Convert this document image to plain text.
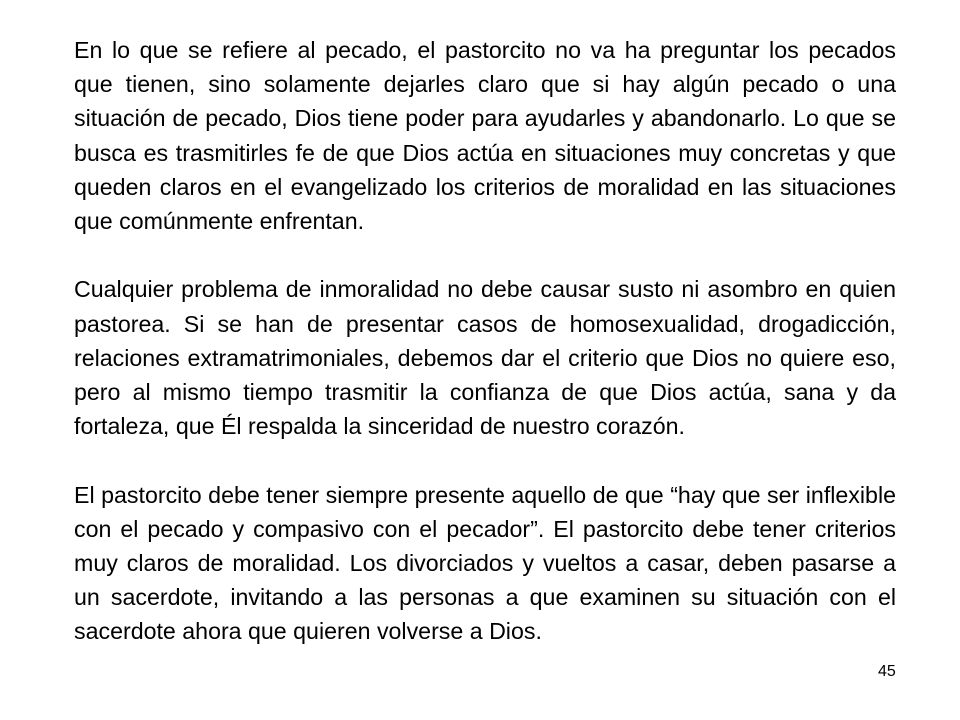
En lo que se refiere al pecado, el pastorcito no va ha preguntar los pecados que tienen, sino solamente dejarles claro que si hay algún pecado o una situación de pecado, Dios tiene poder para ayudarles y abandonarlo. Lo que se busca es trasmitirles fe de que Dios actúa en situaciones muy concretas y que queden claros en el evangelizado los criterios de moralidad en las situaciones que comúnmente enfrentan.

Cualquier problema de inmoralidad no debe causar susto ni asombro en quien pastorea. Si se han de presentar casos de homosexualidad, drogadicción, relaciones extramatrimoniales, debemos dar el criterio que Dios no quiere eso, pero al mismo tiempo trasmitir la confianza de que Dios actúa, sana y da fortaleza, que Él respalda la sinceridad de nuestro corazón.

El pastorcito debe tener siempre presente aquello de que “hay que ser inflexible con el pecado y compasivo con el pecador”. El pastorcito debe tener criterios muy claros de moralidad. Los divorciados y vueltos a casar, deben pasarse a un sacerdote, invitando a las personas a que examinen su situación con el sacerdote ahora que quieren volverse a Dios.

45
